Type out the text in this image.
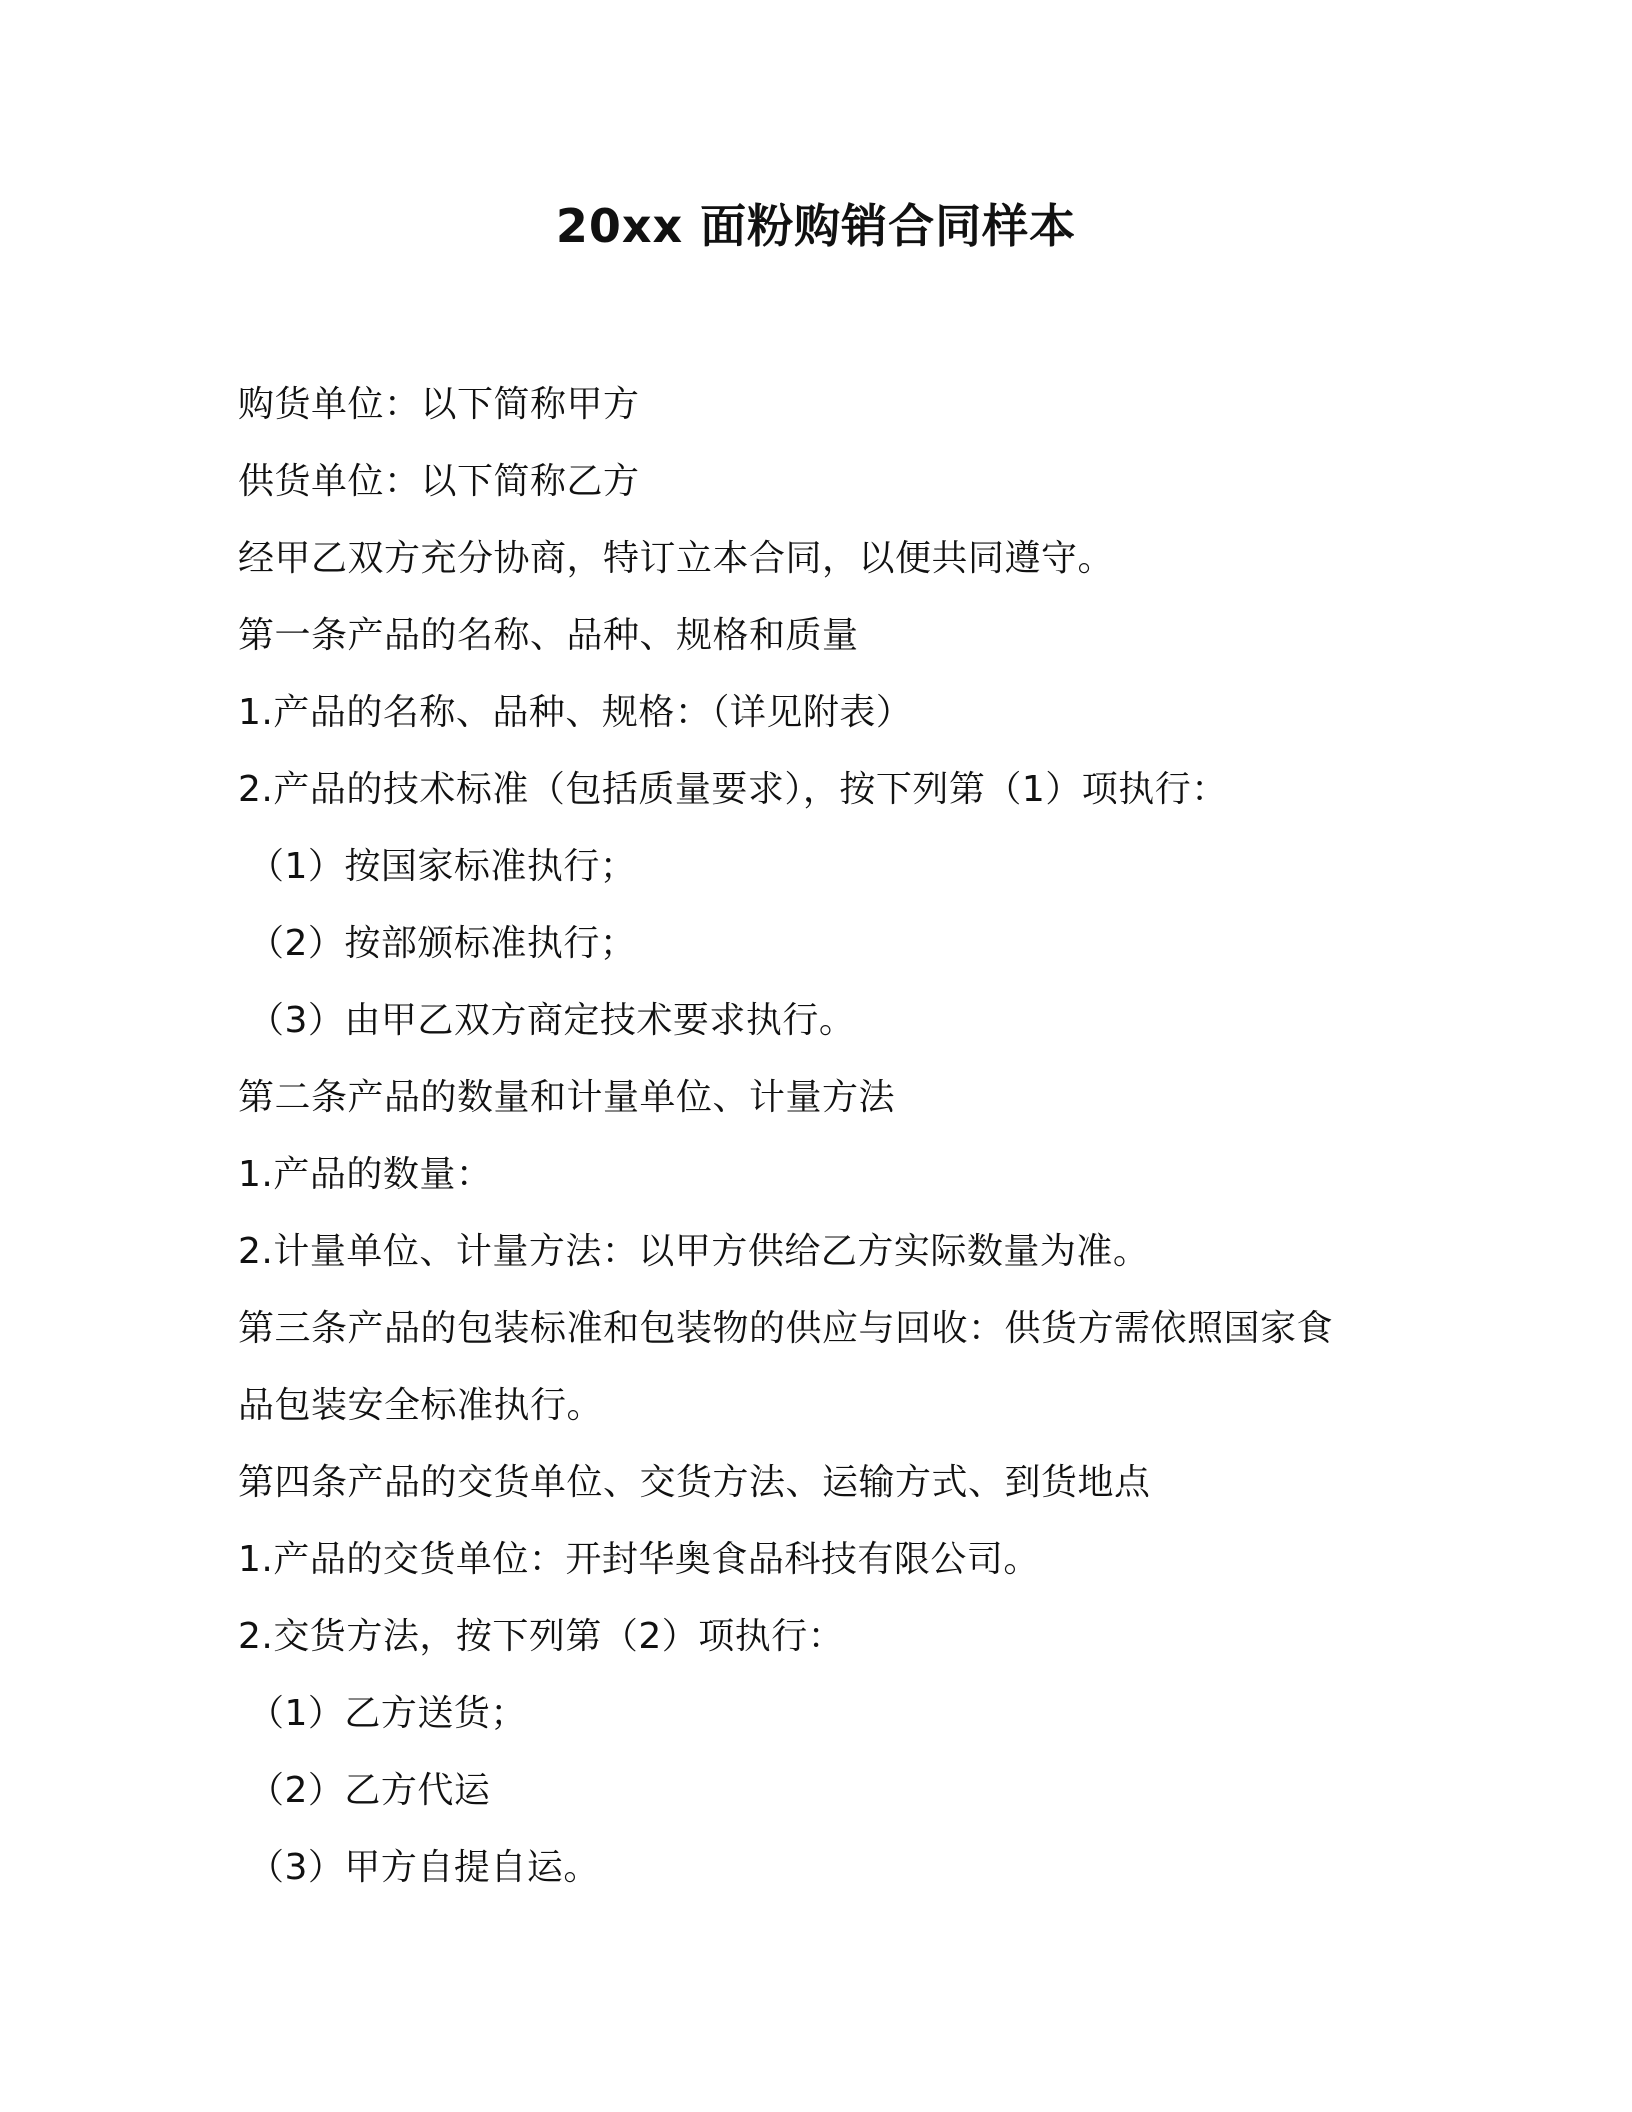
20xx 面粉购销合同样本

购货单位：以下简称甲方

供货单位：以下简称乙方

经甲乙双方充分协商，特订立本合同，以便共同遵守。

第一条产品的名称、品种、规格和质量

1.产品的名称、品种、规格：（详见附表）

2.产品的技术标准（包括质量要求），按下列第（1）项执行：

（1）按国家标准执行；

（2）按部颁标准执行；

（3）由甲乙双方商定技术要求执行。

第二条产品的数量和计量单位、计量方法

1.产品的数量：

2.计量单位、计量方法：以甲方供给乙方实际数量为准。

第三条产品的包装标准和包装物的供应与回收：供货方需依照国家食

品包装安全标准执行。

第四条产品的交货单位、交货方法、运输方式、到货地点

1.产品的交货单位：开封华奥食品科技有限公司。

2.交货方法，按下列第（2）项执行：

（1）乙方送货；

（2）乙方代运

（3）甲方自提自运。
